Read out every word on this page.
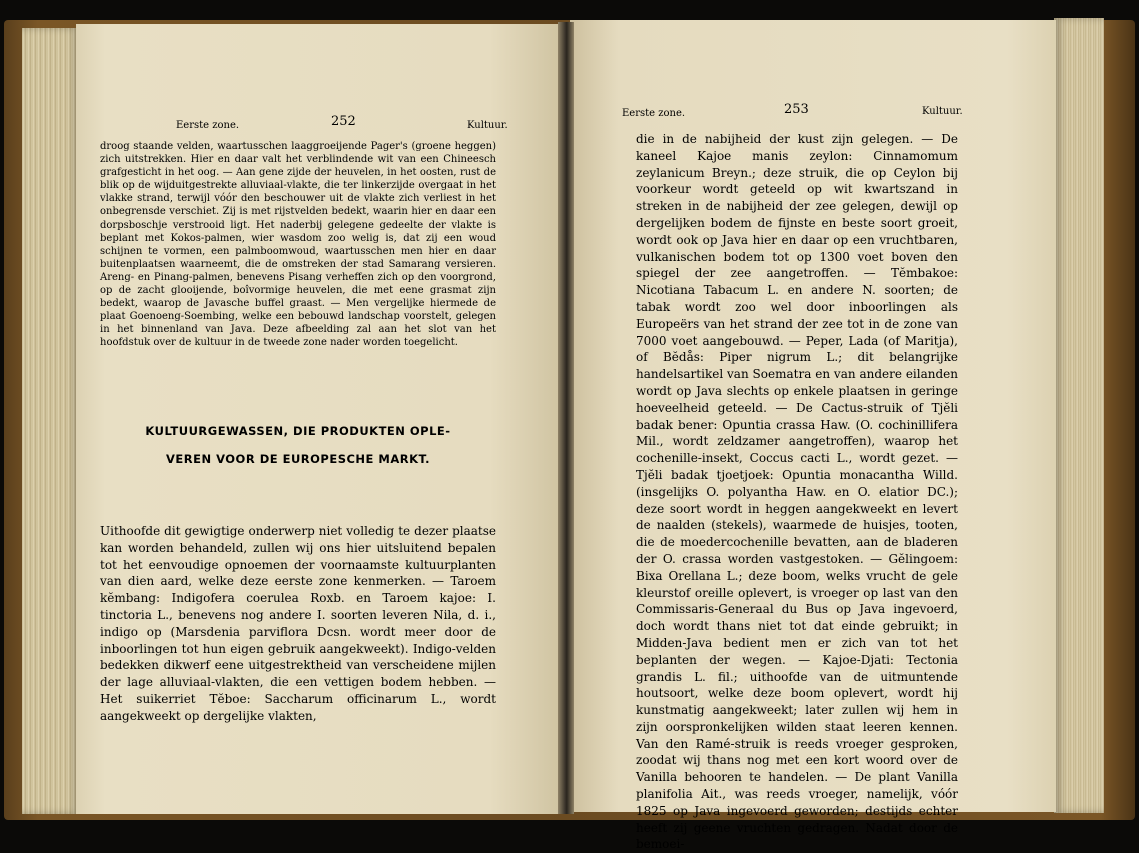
Eerste zone.	252	Kultuur.

droog staande velden, waartusschen laaggroeijende Pager's (groene heggen) zich uitstrekken. Hier en daar valt het verblindende wit van een Chineesch grafgesticht in het oog. — Aan gene zijde der heuvelen, in het oosten, rust de blik op de wijduitgestrekte alluviaal-vlakte, die ter linkerzijde overgaat in het vlakke strand, terwijl vóór den beschouwer uit de vlakte zich verliest in het onbegrensde verschiet. Zij is met rijstvelden bedekt, waarin hier en daar een dorpsboschje verstrooid ligt. Het naderbij gelegene gedeelte der vlakte is beplant met Kokos-palmen, wier wasdom zoo welig is, dat zij een woud schijnen te vormen, een palmboomwoud, waartusschen men hier en daar buitenplaatsen waarneemt, die de omstreken der stad Samarang versieren. Areng- en Pinang-palmen, benevens Pisang verheffen zich op den voorgrond, op de zacht glooijende, boîvormige heuvelen, die met eene grasmat zijn bedekt, waarop de Javasche buffel graast. — Men vergelijke hiermede de plaat Goenoeng-Soembing, welke een bebouwd landschap voorstelt, gelegen in het binnenland van Java. Deze afbeelding zal aan het slot van het hoofdstuk over de kultuur in de tweede zone nader worden toegelicht.

KULTUURGEWASSEN, DIE PRODUKTEN OPLE-
VEREN VOOR DE EUROPESCHE MARKT.

Uithoofde dit gewigtige onderwerp niet volledig te dezer plaatse kan worden behandeld, zullen wij ons hier uitsluitend bepalen tot het eenvoudige opnoemen der voornaamste kultuurplanten van dien aard, welke deze eerste zone kenmerken. — Taroem kĕmbang: Indigofera coerulea Roxb. en Taroem kajoe: I. tinctoria L., benevens nog andere I. soorten leveren Nila, d. i., indigo op (Marsdenia parviflora Dcsn. wordt meer door de inboorlingen tot hun eigen gebruik aangekweekt). Indigo-velden bedekken dikwerf eene uitgestrektheid van verscheidene mijlen der lage alluviaal-vlakten, die een vettigen bodem hebben. — Het suikerriet Tĕboe: Saccharum officinarum L., wordt aangekweekt op dergelijke vlakten,

Eerste zone.	253	Kultuur.

die in de nabijheid der kust zijn gelegen. — De kaneel Kajoe manis zeylon: Cinnamomum zeylanicum Breyn.; deze struik, die op Ceylon bij voorkeur wordt geteeld op wit kwartszand in streken in de nabijheid der zee gelegen, dewijl op dergelijken bodem de fijnste en beste soort groeit, wordt ook op Java hier en daar op een vruchtbaren, vulkanischen bodem tot op 1300 voet boven den spiegel der zee aangetroffen. — Tĕmbakoe: Nicotiana Tabacum L. en andere N. soorten; de tabak wordt zoo wel door inboorlingen als Europeërs van het strand der zee tot in de zone van 7000 voet aangebouwd. — Peper, Lada (of Maritja), of Bĕdås: Piper nigrum L.; dit belangrijke handelsartikel van Soematra en van andere eilanden wordt op Java slechts op enkele plaatsen in geringe hoeveelheid geteeld. — De Cactus-struik of Tjĕli badak bener: Opuntia crassa Haw. (O. cochinillifera Mil., wordt zeldzamer aangetroffen), waarop het cochenille-insekt, Coccus cacti L., wordt gezet. — Tjĕli badak tjoetjoek: Opuntia monacantha Willd. (insgelijks O. polyantha Haw. en O. elatior DC.); deze soort wordt in heggen aangekweekt en levert de naalden (stekels), waarmede de huisjes, tooten, die de moedercochenille bevatten, aan de bladeren der O. crassa worden vastgestoken. — Gĕlingoem: Bixa Orellana L.; deze boom, welks vrucht de gele kleurstof oreille oplevert, is vroeger op last van den Commissaris-Generaal du Bus op Java ingevoerd, doch wordt thans niet tot dat einde gebruikt; in Midden-Java bedient men er zich van tot het beplanten der wegen. — Kajoe-Djati: Tectonia grandis L. fil.; uithoofde van de uitmuntende houtsoort, welke deze boom oplevert, wordt hij kunstmatig aangekweekt; later zullen wij hem in zijn oorspronkelijken wilden staat leeren kennen. Van den Ramé-struik is reeds vroeger gesproken, zoodat wij thans nog met een kort woord over de Vanilla behooren te handelen. — De plant Vanilla planifolia Ait., was reeds vroeger, namelijk, vóór 1825 op Java ingevoerd geworden; destijds echter heeft zij geene vruchten gedragen. Nadat door de bemoei-
